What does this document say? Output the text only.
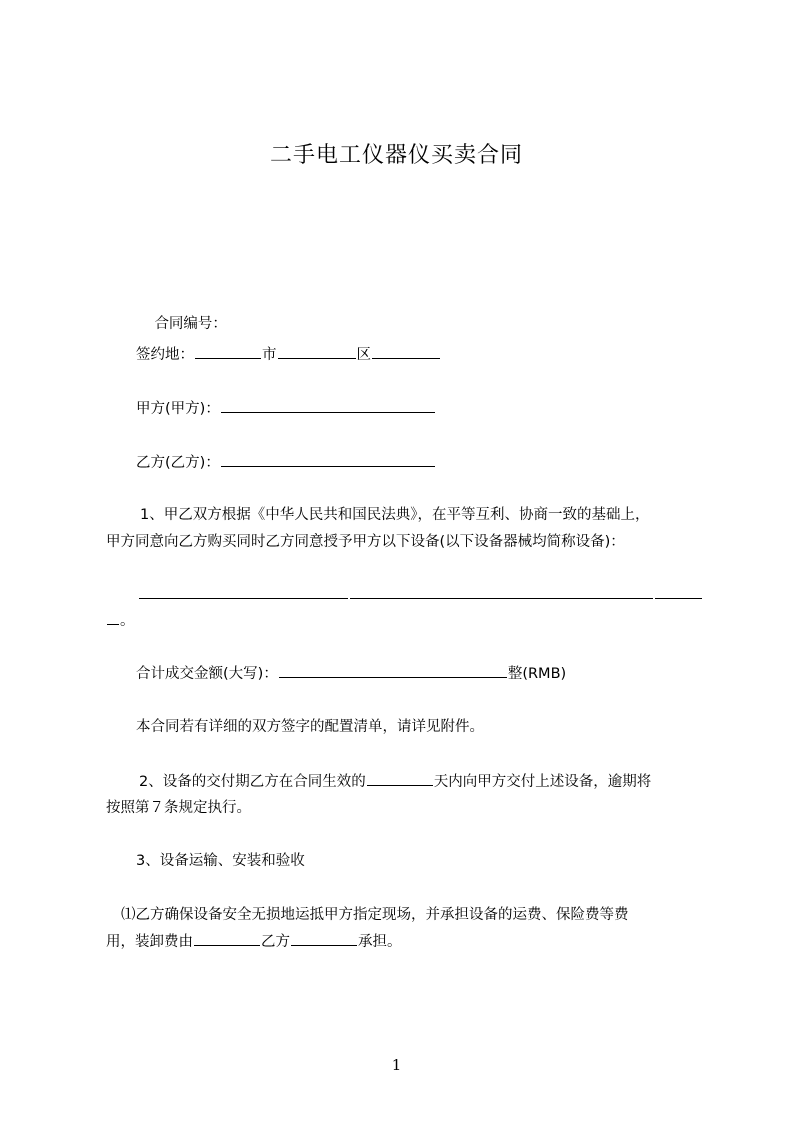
二手电工仪器仪买卖合同

合同编号：

签约地：	市	区
甲方(甲方)：
乙方(乙方)：
1、甲乙双方根据《中华人民共和国民法典》，在平等互利、协商一致的基础上，
甲方同意向乙方购买同时乙方同意授予甲方以下设备(以下设备器械均简称设备)：
。
合计成交金额(大写)：	整(RMB)
本合同若有详细的双方签字的配置清单，请详见附件。
2、设备的交付期乙方在合同生效的	天内向甲方交付上述设备，逾期将
按照第７条规定执行。
3、设备运输、安装和验收
⑴乙方确保设备安全无损地运抵甲方指定现场，并承担设备的运费、保险费等费
用，装卸费由	乙方	承担。
1
